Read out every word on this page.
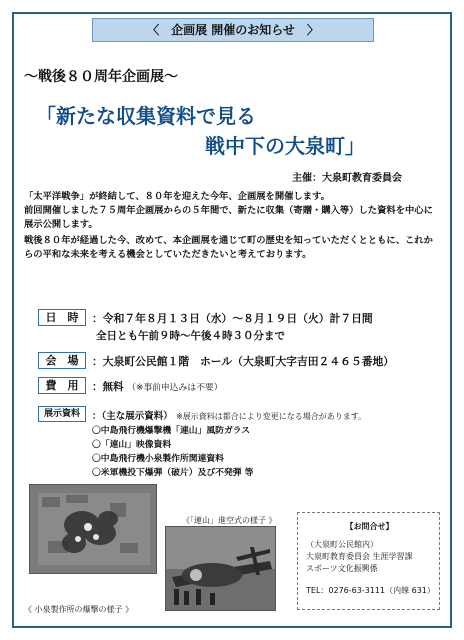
〈　企画展 開催のお知らせ　〉
～戦後８０周年企画展～
「新たな収集資料で見る
戦中下の大泉町」
主催：大泉町教育委員会

「太平洋戦争」が終結して、８０年を迎えた今年、企画展を開催します。

前回開催しました７５周年企画展からの５年間で、新たに収集（寄贈・購入等）した資料を中心に展示公開します。

戦後８０年が経過した今、改めて、本企画展を通じて町の歴史を知っていただくとともに、これからの平和な未来を考える機会としていただきたいと考えております。

日　時	：令和７年８月１３日（水）～８月１９日（火）計７日間
全日とも午前９時～午後４時３０分まで
会　場	：大泉町公民館１階　ホール（大泉町大字吉田２４６５番地）
費　用	：無料 （※事前申込みは不要）
展示資料	：（主な展示資料） ※展示資料は都合により変更になる場合があります。
〇中島飛行機爆撃機「連山」風防ガラス
〇「連山」映像資料
〇中島飛行機小泉製作所関連資料
〇米軍機投下爆弾（破片）及び不発弾 等
《 小泉製作所の爆撃の様子 》
《「連山」進空式の様子 》
【お問合せ】
（大泉町公民館内）
大泉町教育委員会 生涯学習課
スポーツ文化振興係
TEL：0276-63-3111（内線 631）
